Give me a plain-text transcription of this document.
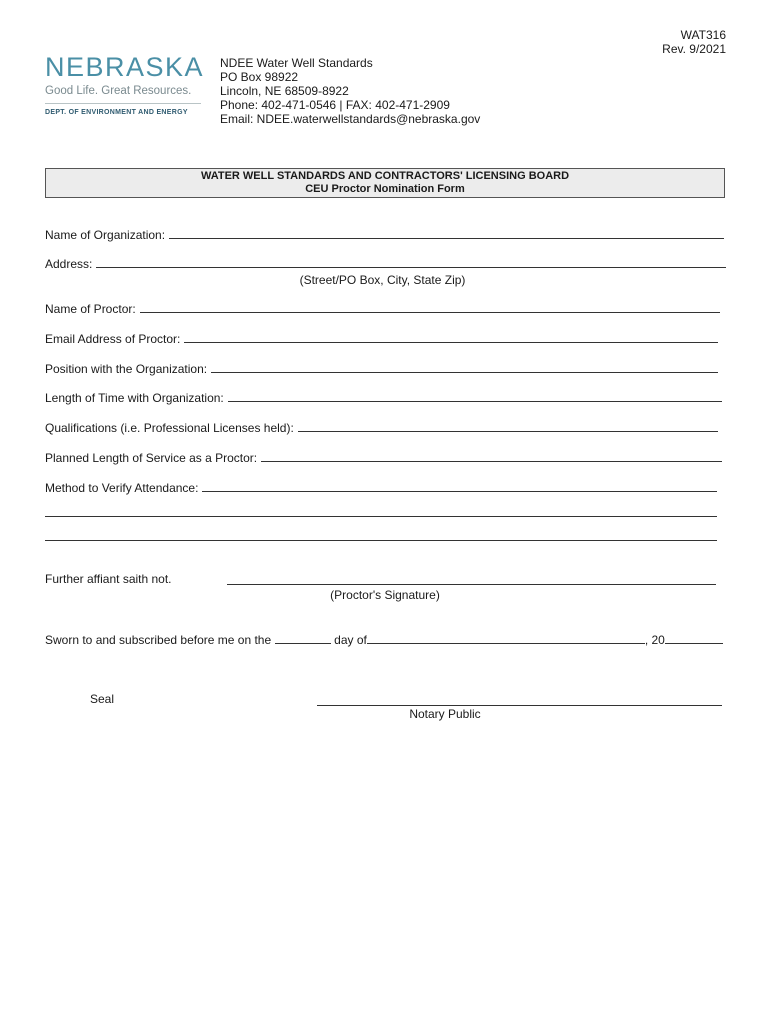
WAT316
Rev. 9/2021
NEBRASKA
Good Life. Great Resources.
DEPT. OF ENVIRONMENT AND ENERGY
NDEE Water Well Standards
PO Box 98922
Lincoln, NE 68509-8922
Phone: 402-471-0546 | FAX: 402-471-2909
Email: NDEE.waterwellstandards@nebraska.gov
WATER WELL STANDARDS AND CONTRACTORS' LICENSING BOARD
CEU Proctor Nomination Form
Name of Organization:
Address:
(Street/PO Box, City, State Zip)
Name of Proctor:
Email Address of Proctor:
Position with the Organization:
Length of Time with Organization:
Qualifications (i.e. Professional Licenses held):
Planned Length of Service as a Proctor:
Method to Verify Attendance:
Further affiant saith not.
(Proctor's Signature)
Sworn to and subscribed before me on the	day of	, 20
Seal
Notary Public
